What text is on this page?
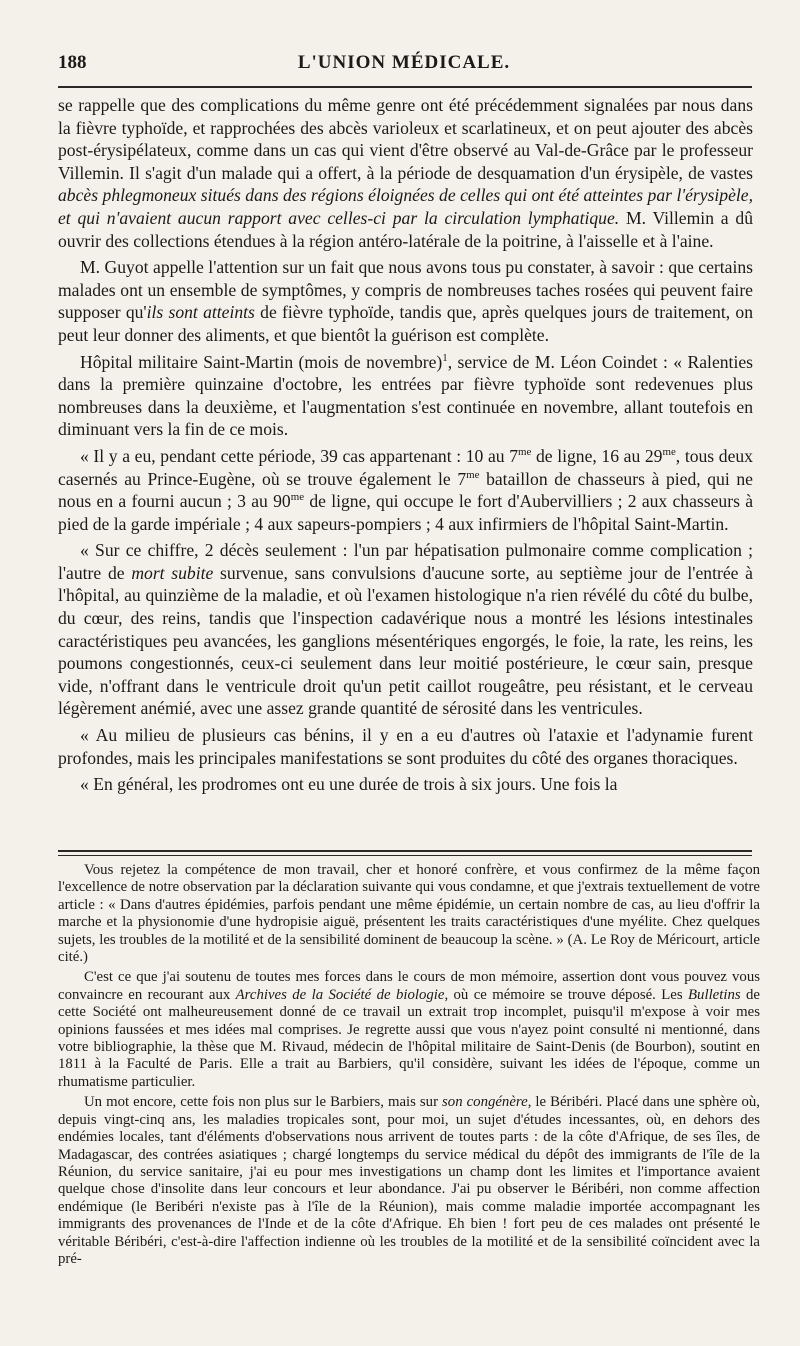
L'UNION MÉDICALE.
188

se rappelle que des complications du même genre ont été précédemment signalées par nous dans la fièvre typhoïde, et rapprochées des abcès varioleux et scarlatineux, et on peut ajouter des abcès post-érysipélateux, comme dans un cas qui vient d'être observé au Val-de-Grâce par le professeur Villemin. Il s'agit d'un malade qui a offert, à la période de desquamation d'un érysipèle, de vastes abcès phlegmoneux situés dans des régions éloignées de celles qui ont été atteintes par l'érysipèle, et qui n'avaient aucun rapport avec celles-ci par la circulation lymphatique. M. Villemin a dû ouvrir des collections étendues à la région antéro-latérale de la poitrine, à l'aisselle et à l'aine.

M. Guyot appelle l'attention sur un fait que nous avons tous pu constater, à savoir : que certains malades ont un ensemble de symptômes, y compris de nombreuses taches rosées qui peuvent faire supposer qu'ils sont atteints de fièvre typhoïde, tandis que, après quelques jours de traitement, on peut leur donner des aliments, et que bientôt la guérison est complète.

Hôpital militaire Saint-Martin (mois de novembre)$^1$, service de M. Léon Coindet : « Ralenties dans la première quinzaine d'octobre, les entrées par fièvre typhoïde sont redevenues plus nombreuses dans la deuxième, et l'augmentation s'est continuée en novembre, allant toutefois en diminuant vers la fin de ce mois.

« Il y a eu, pendant cette période, 39 cas appartenant : 10 au $7^{me}$ de ligne, 16 au $29^{me}$, tous deux casernés au Prince-Eugène, où se trouve également le $7^{me}$ bataillon de chasseurs à pied, qui ne nous en a fourni aucun ; 3 au $90^{me}$ de ligne, qui occupe le fort d'Aubervilliers ; 2 aux chasseurs à pied de la garde impériale ; 4 aux sapeurs-pompiers ; 4 aux infirmiers de l'hôpital Saint-Martin.

« Sur ce chiffre, 2 décès seulement : l'un par hépatisation pulmonaire comme complication ; l'autre de mort subite survenue, sans convulsions d'aucune sorte, au septième jour de l'entrée à l'hôpital, au quinzième de la maladie, et où l'examen histologique n'a rien révélé du côté du bulbe, du cœur, des reins, tandis que l'inspection cadavérique nous a montré les lésions intestinales caractéristiques peu avancées, les ganglions mésentériques engorgés, le foie, la rate, les reins, les poumons congestionnés, ceux-ci seulement dans leur moitié postérieure, le cœur sain, presque vide, n'offrant dans le ventricule droit qu'un petit caillot rougeâtre, peu résistant, et le cerveau légèrement anémié, avec une assez grande quantité de sérosité dans les ventricules.

« Au milieu de plusieurs cas bénins, il y en a eu d'autres où l'ataxie et l'adynamie furent profondes, mais les principales manifestations se sont produites du côté des organes thoraciques.

« En général, les prodromes ont eu une durée de trois à six jours. Une fois la

Vous rejetez la compétence de mon travail, cher et honoré confrère, et vous confirmez de la même façon l'excellence de notre observation par la déclaration suivante qui vous condamne, et que j'extrais textuellement de votre article : « Dans d'autres épidémies, parfois pendant une même épidémie, un certain nombre de cas, au lieu d'offrir la marche et la physionomie d'une hydropisie aiguë, présentent les traits caractéristiques d'une myélite. Chez quelques sujets, les troubles de la motilité et de la sensibilité dominent de beaucoup la scène. » (A. Le Roy de Méricourt, article cité.)

C'est ce que j'ai soutenu de toutes mes forces dans le cours de mon mémoire, assertion dont vous pouvez vous convaincre en recourant aux Archives de la Société de biologie, où ce mémoire se trouve déposé. Les Bulletins de cette Société ont malheureusement donné de ce travail un extrait trop incomplet, puisqu'il m'expose à voir mes opinions faussées et mes idées mal comprises. Je regrette aussi que vous n'ayez point consulté ni mentionné, dans votre bibliographie, la thèse que M. Rivaud, médecin de l'hôpital militaire de Saint-Denis (de Bourbon), soutint en 1811 à la Faculté de Paris. Elle a trait au Barbiers, qu'il considère, suivant les idées de l'époque, comme un rhumatisme particulier.

Un mot encore, cette fois non plus sur le Barbiers, mais sur son congénère, le Béribéri. Placé dans une sphère où, depuis vingt-cinq ans, les maladies tropicales sont, pour moi, un sujet d'études incessantes, où, en dehors des endémies locales, tant d'éléments d'observations nous arrivent de toutes parts : de la côte d'Afrique, de ses îles, de Madagascar, des contrées asiatiques ; chargé longtemps du service médical du dépôt des immigrants de l'île de la Réunion, du service sanitaire, j'ai eu pour mes investigations un champ dont les limites et l'importance avaient quelque chose d'insolite dans leur concours et leur abondance. J'ai pu observer le Béribéri, non comme affection endémique (le Beribéri n'existe pas à l'île de la Réunion), mais comme maladie importée accompagnant les immigrants des provenances de l'Inde et de la côte d'Afrique. Eh bien ! fort peu de ces malades ont présenté le véritable Béribéri, c'est-à-dire l'affection indienne où les troubles de la motilité et de la sensibilité coïncident avec la pré-
